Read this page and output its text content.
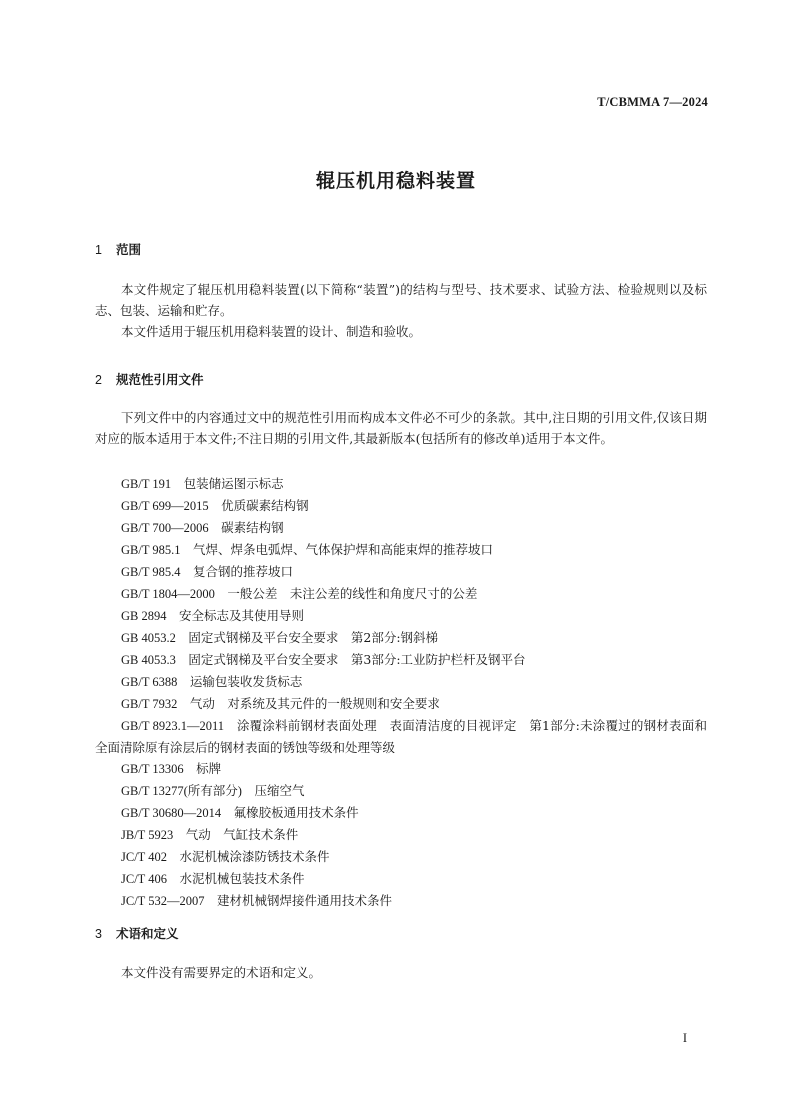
T/CBMMA 7—2024
辊压机用稳料装置
1 范围
本文件规定了辊压机用稳料装置(以下简称“装置”)的结构与型号、技术要求、试验方法、检验规则以及标志、包装、运输和贮存。
本文件适用于辊压机用稳料装置的设计、制造和验收。
2 规范性引用文件
下列文件中的内容通过文中的规范性引用而构成本文件必不可少的条款。其中,注日期的引用文件,仅该日期对应的版本适用于本文件;不注日期的引用文件,其最新版本(包括所有的修改单)适用于本文件。
GB/T 191　 包装储运图示标志
GB/T 699—2015　 优质碳素结构钢
GB/T 700—2006　 碳素结构钢
GB/T 985.1　 气焊、焊条电弧焊、气体保护焊和高能束焊的推荐坡口
GB/T 985.4　 复合钢的推荐坡口
GB/T 1804—2000　 一般公差　未注公差的线性和角度尺寸的公差
GB 2894　 安全标志及其使用导则
GB 4053.2　 固定式钢梯及平台安全要求　第2部分:钢斜梯
GB 4053.3　 固定式钢梯及平台安全要求　第3部分:工业防护栏杆及钢平台
GB/T 6388　 运输包装收发货标志
GB/T 7932　 气动　对系统及其元件的一般规则和安全要求
GB/T 8923.1—2011　 涂覆涂料前钢材表面处理　表面清洁度的目视评定　第1部分:未涂覆过的钢材表面和全面清除原有涂层后的钢材表面的锈蚀等级和处理等级
GB/T 13306　 标牌
GB/T 13277(所有部分)　 压缩空气
GB/T 30680—2014　 氟橡胶板通用技术条件
JB/T 5923　 气动　气缸技术条件
JC/T 402　 水泥机械涂漆防锈技术条件
JC/T 406　 水泥机械包装技术条件
JC/T 532—2007　 建材机械钢焊接件通用技术条件
3 术语和定义
本文件没有需要界定的术语和定义。
I
